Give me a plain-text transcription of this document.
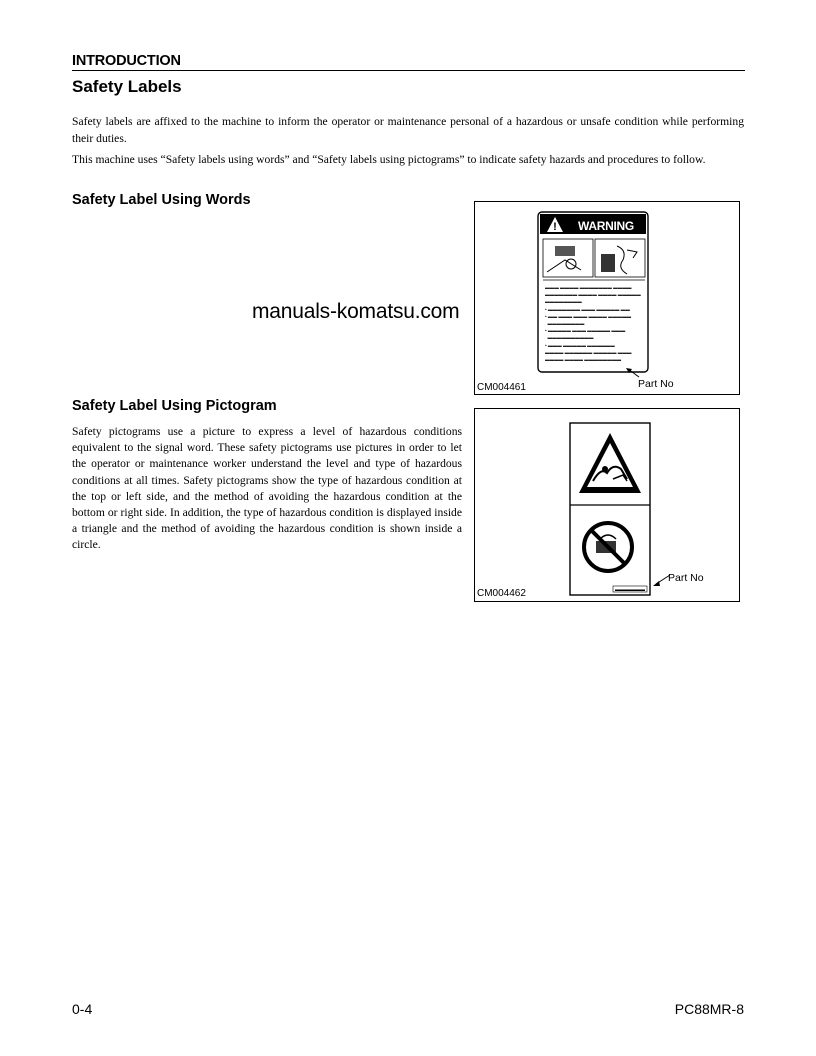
INTRODUCTION
Safety Labels
Safety labels are affixed to the machine to inform the operator or maintenance personal of a hazardous or unsafe condition while performing their duties.
This machine uses “Safety labels using words” and “Safety labels using pictograms” to indicate safety hazards and procedures to follow.
Safety Label Using Words
! WARNING
▬▬▬ ▬▬▬▬ ▬▬▬▬▬▬▬ ▬▬▬▬
▬▬▬▬▬▬▬ ▬▬▬▬ ▬▬▬▬ ▬▬▬▬▬
▬▬▬▬▬▬▬▬
• ▬▬▬▬▬▬▬ ▬▬▬ ▬▬▬▬▬ ▬▬
• ▬▬ ▬▬▬ ▬▬▬ ▬▬▬▬ ▬▬▬▬▬
▬▬▬▬▬▬▬▬
• ▬▬▬▬▬ ▬▬▬ ▬▬▬▬▬ ▬▬▬
▬▬▬▬▬▬▬▬▬▬
• ▬▬▬ ▬▬▬▬▬ ▬▬▬▬▬▬
▬▬▬▬ ▬▬▬▬▬▬ ▬▬▬▬▬ ▬▬▬
▬▬▬▬ ▬▬▬▬ ▬▬▬▬▬▬▬▬
CM004461	Part No
manuals-komatsu.com
Safety Label Using Pictogram
Safety pictograms use a picture to express a level of hazardous conditions equivalent to the signal word. These safety pictograms use pictures in order to let the operator or maintenance worker understand the level and type of hazardous conditions at all times. Safety pictograms show the type of hazardous condition at the top or left side, and the method of avoiding the hazardous condition at the bottom or right side. In addition, the type of hazardous condition is displayed inside a triangle and the method of avoiding the hazardous condition is shown inside a circle.
▬▬▬▬▬▬
Part No
CM004462
0-4	PC88MR-8
